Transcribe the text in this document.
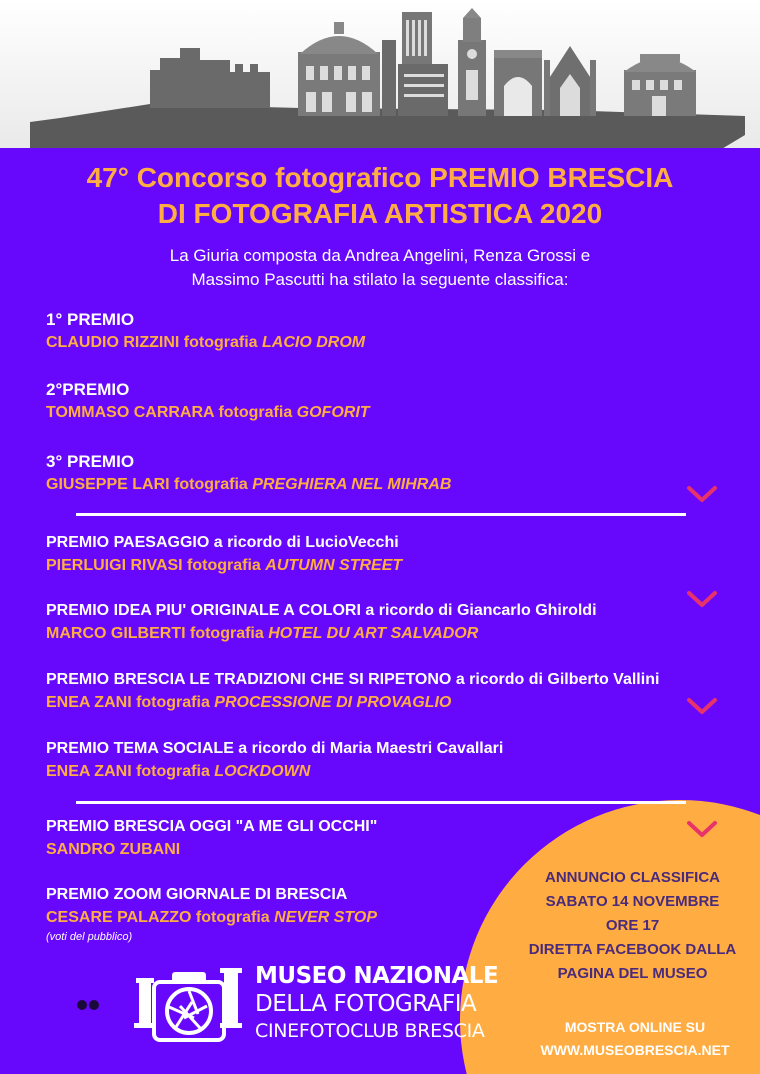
47° Concorso fotografico PREMIO BRESCIA
DI FOTOGRAFIA ARTISTICA 2020
La Giuria composta da Andrea Angelini, Renza Grossi e
Massimo Pascutti ha stilato la seguente classifica:
1° PREMIO
CLAUDIO RIZZINI fotografia LACIO DROM
2°PREMIO
TOMMASO CARRARA fotografia GOFORIT
3° PREMIO
GIUSEPPE LARI fotografia PREGHIERA NEL MIHRAB
PREMIO PAESAGGIO a ricordo di LucioVecchi
PIERLUIGI RIVASI fotografia AUTUMN STREET
PREMIO IDEA PIU' ORIGINALE A COLORI a ricordo di Giancarlo Ghiroldi
MARCO GILBERTI fotografia HOTEL DU ART SALVADOR
PREMIO BRESCIA LE TRADIZIONI CHE SI RIPETONO a ricordo di Gilberto Vallini
ENEA ZANI fotografia PROCESSIONE DI PROVAGLIO
PREMIO TEMA SOCIALE a ricordo di Maria Maestri Cavallari
ENEA ZANI fotografia LOCKDOWN
PREMIO BRESCIA OGGI "A ME GLI OCCHI"
SANDRO ZUBANI
PREMIO ZOOM GIORNALE DI BRESCIA
CESARE PALAZZO fotografia NEVER STOP
(voti del pubblico)
ANNUNCIO CLASSIFICA
SABATO 14 NOVEMBRE
ORE 17
DIRETTA FACEBOOK DALLA
PAGINA DEL MUSEO
MOSTRA ONLINE SU
WWW.MUSEOBRESCIA.NET
MUSEO NAZIONALE
DELLA FOTOGRAFIA
CINEFOTOCLUB BRESCIA
